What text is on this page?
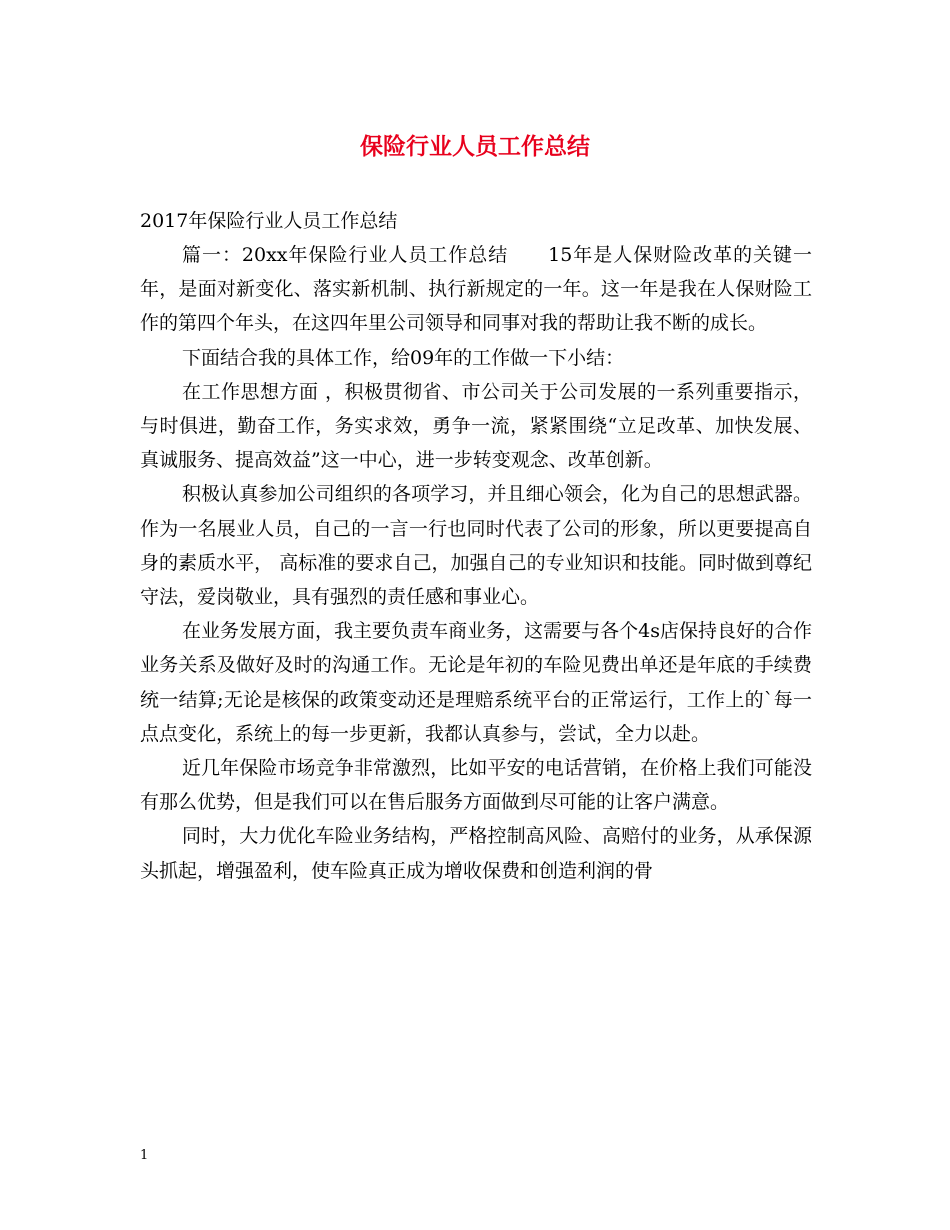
保险行业人员工作总结

2017年保险行业人员工作总结

篇一：20xx年保险行业人员工作总结　　15年是人保财险改革的关键一年，是面对新变化、落实新机制、执行新规定的一年。这一年是我在人保财险工作的第四个年头，在这四年里公司领导和同事对我的帮助让我不断的成长。

下面结合我的具体工作，给09年的工作做一下小结：

在工作思想方面 ，积极贯彻省、市公司关于公司发展的一系列重要指示，与时俱进，勤奋工作，务实求效，勇争一流，紧紧围绕“立足改革、加快发展、真诚服务、提高效益”这一中心，进一步转变观念、改革创新。

积极认真参加公司组织的各项学习，并且细心领会，化为自己的思想武器。 作为一名展业人员，自己的一言一行也同时代表了公司的形象，所以更要提高自身的素质水平， 高标准的要求自己，加强自己的专业知识和技能。同时做到尊纪守法，爱岗敬业，具有强烈的责任感和事业心。

在业务发展方面，我主要负责车商业务，这需要与各个4s店保持良好的合作业务关系及做好及时的沟通工作。无论是年初的车险见费出单还是年底的手续费统一结算;无论是核保的政策变动还是理赔系统平台的正常运行，工作上的`每一点点变化，系统上的每一步更新，我都认真参与，尝试，全力以赴。

近几年保险市场竞争非常激烈，比如平安的电话营销，在价格上我们可能没有那么优势，但是我们可以在售后服务方面做到尽可能的让客户满意。

同时，大力优化车险业务结构，严格控制高风险、高赔付的业务，从承保源头抓起，增强盈利，使车险真正成为增收保费和创造利润的骨

1
